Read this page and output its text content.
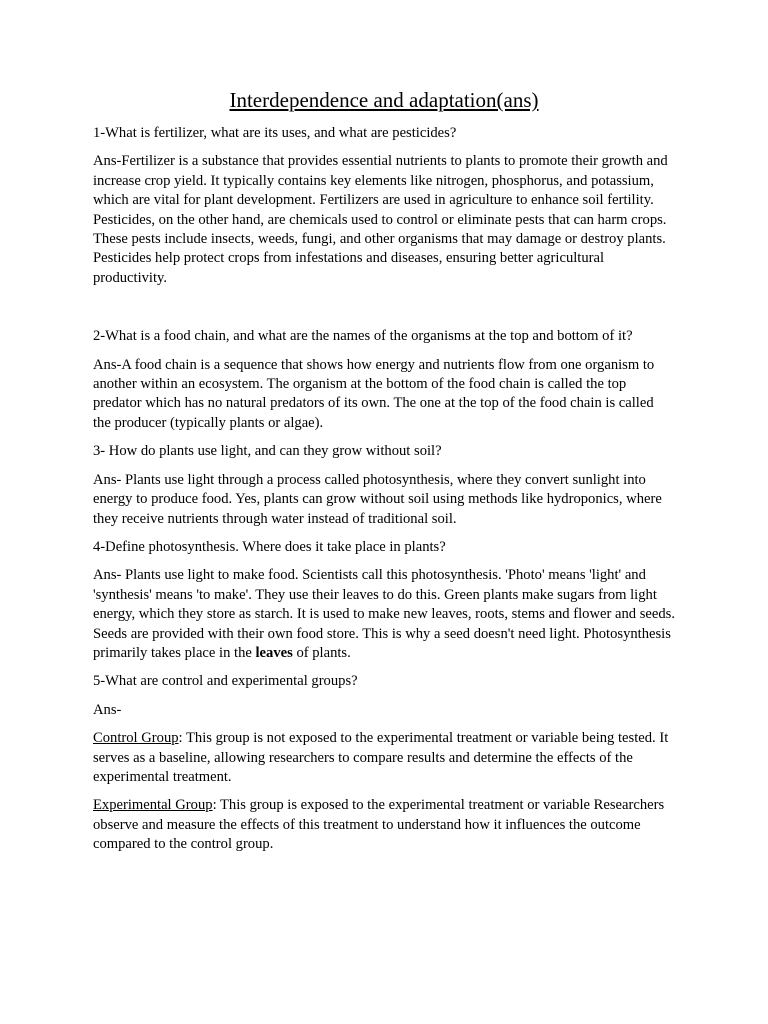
Interdependence and adaptation(ans)

1-What is fertilizer, what are its uses, and what are pesticides?

Ans-Fertilizer is a substance that provides essential nutrients to plants to promote their growth and increase crop yield. It typically contains key elements like nitrogen, phosphorus, and potassium, which are vital for plant development. Fertilizers are used in agriculture to enhance soil fertility. Pesticides, on the other hand, are chemicals used to control or eliminate pests that can harm crops. These pests include insects, weeds, fungi, and other organisms that may damage or destroy plants. Pesticides help protect crops from infestations and diseases, ensuring better agricultural productivity.

2-What is a food chain, and what are the names of the organisms at the top and bottom of it?

Ans-A food chain is a sequence that shows how energy and nutrients flow from one organism to another within an ecosystem. The organism at the bottom of the food chain is called the top predator which has no natural predators of its own. The one at the top of the food chain is called the producer (typically plants or algae).

3- How do plants use light, and can they grow without soil?

Ans- Plants use light through a process called photosynthesis, where they convert sunlight into energy to produce food. Yes, plants can grow without soil using methods like hydroponics, where they receive nutrients through water instead of traditional soil.

4-Define photosynthesis. Where does it take place in plants?

Ans- Plants use light to make food. Scientists call this photosynthesis. 'Photo' means 'light' and 'synthesis' means 'to make'. They use their leaves to do this. Green plants make sugars from light energy, which they store as starch. It is used to make new leaves, roots, stems and flower and seeds. Seeds are provided with their own food store. This is why a seed doesn't need light. Photosynthesis primarily takes place in the leaves of plants.

5-What are control and experimental groups?

Ans-

Control Group: This group is not exposed to the experimental treatment or variable being tested. It serves as a baseline, allowing researchers to compare results and determine the effects of the experimental treatment.

Experimental Group: This group is exposed to the experimental treatment or variable Researchers observe and measure the effects of this treatment to understand how it influences the outcome compared to the control group.
